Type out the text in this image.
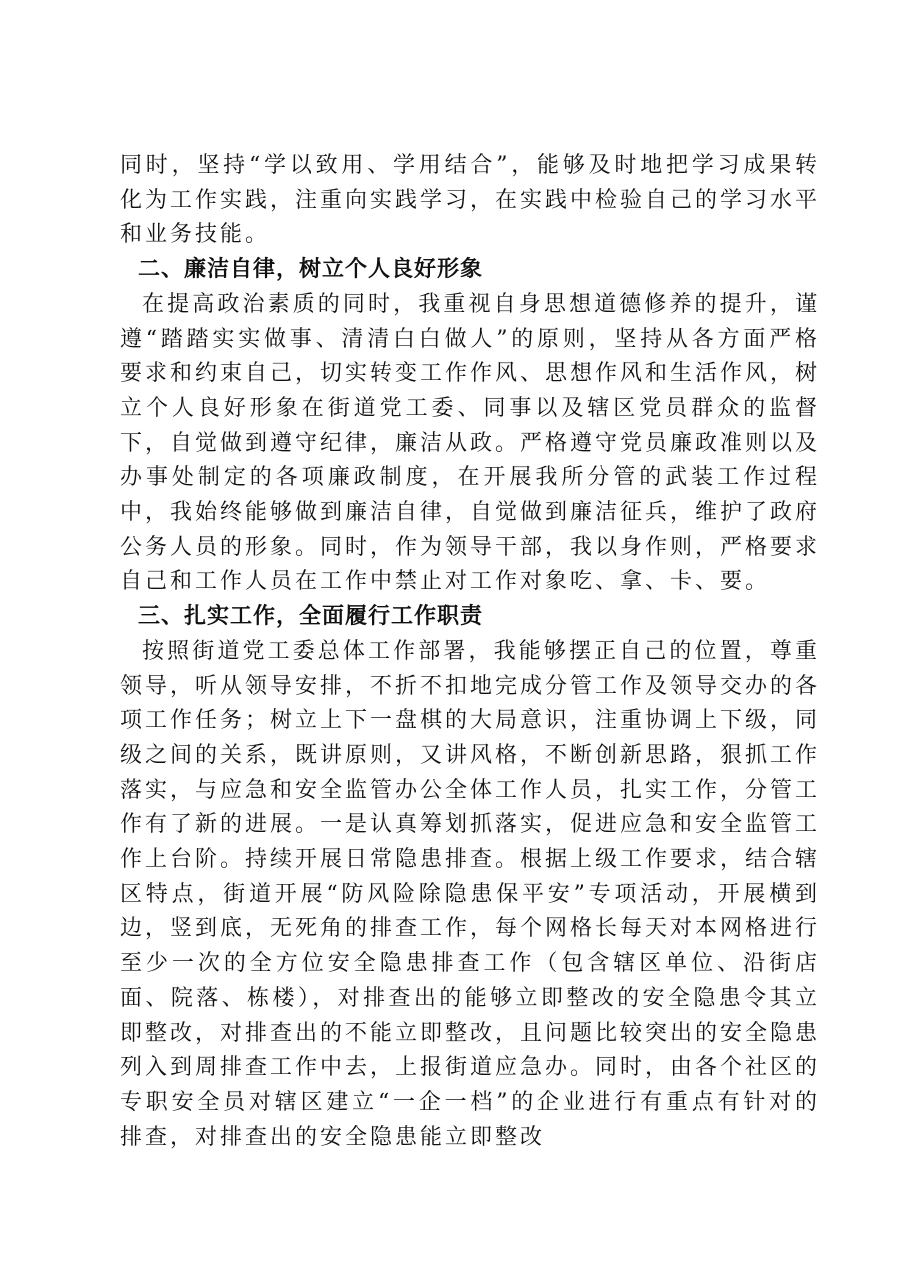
同时，坚持“学以致用、学用结合”，能够及时地把学习成果转化为工作实践，注重向实践学习，在实践中检验自己的学习水平和业务技能。

二、廉洁自律，树立个人良好形象

在提高政治素质的同时，我重视自身思想道德修养的提升，谨遵“踏踏实实做事、清清白白做人”的原则，坚持从各方面严格要求和约束自己，切实转变工作作风、思想作风和生活作风，树立个人良好形象在街道党工委、同事以及辖区党员群众的监督下，自觉做到遵守纪律，廉洁从政。严格遵守党员廉政准则以及办事处制定的各项廉政制度，在开展我所分管的武装工作过程中，我始终能够做到廉洁自律，自觉做到廉洁征兵，维护了政府公务人员的形象。同时，作为领导干部，我以身作则，严格要求自己和工作人员在工作中禁止对工作对象吃、拿、卡、要。

三、扎实工作，全面履行工作职责

按照街道党工委总体工作部署，我能够摆正自己的位置，尊重领导，听从领导安排，不折不扣地完成分管工作及领导交办的各项工作任务；树立上下一盘棋的大局意识，注重协调上下级，同级之间的关系，既讲原则，又讲风格，不断创新思路，狠抓工作落实，与应急和安全监管办公全体工作人员，扎实工作，分管工作有了新的进展。一是认真筹划抓落实，促进应急和安全监管工作上台阶。持续开展日常隐患排查。根据上级工作要求，结合辖区特点，街道开展“防风险除隐患保平安”专项活动，开展横到边，竖到底，无死角的排查工作，每个网格长每天对本网格进行至少一次的全方位安全隐患排查工作（包含辖区单位、沿街店面、院落、栋楼），对排查出的能够立即整改的安全隐患令其立即整改，对排查出的不能立即整改，且问题比较突出的安全隐患列入到周排查工作中去，上报街道应急办。同时，由各个社区的专职安全员对辖区建立“一企一档”的企业进行有重点有针对的排查，对排查出的安全隐患能立即整改
